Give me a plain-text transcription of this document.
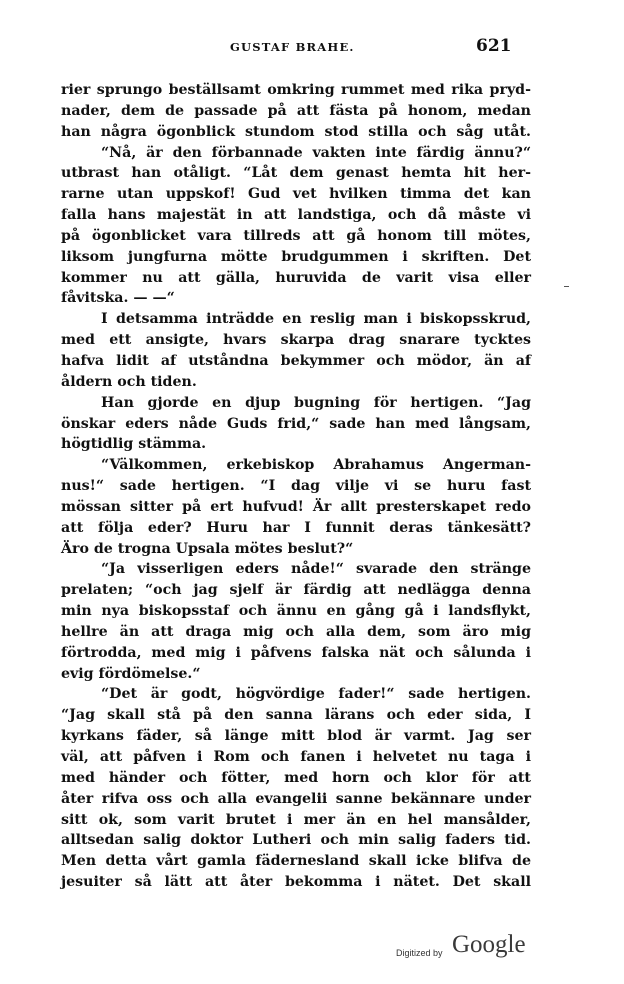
GUSTAF BRAHE.	621
rier sprungo beställsamt omkring rummet med rika pryd-
nader, dem de passade på att fästa på honom, medan
han några ögonblick stundom stod stilla och såg utåt.
“Nå, är den förbannade vakten inte färdig ännu?“
utbrast han otåligt. “Låt dem genast hemta hit her-
rarne utan uppskof! Gud vet hvilken timma det kan
falla hans majestät in att landstiga, och då måste vi
på ögonblicket vara tillreds att gå honom till mötes,
liksom jungfurna mötte brudgummen i skriften. Det
kommer nu att gälla, huruvida de varit visa eller
fåvitska. — —“
I detsamma inträdde en reslig man i biskopsskrud,
med ett ansigte, hvars skarpa drag snarare tycktes
hafva lidit af utståndna bekymmer och mödor, än af
åldern och tiden.
Han gjorde en djup bugning för hertigen. “Jag
önskar eders nåde Guds frid,“ sade han med långsam,
högtidlig stämma.
“Välkommen, erkebiskop Abrahamus Angerman-
nus!“ sade hertigen. “I dag vilje vi se huru fast
mössan sitter på ert hufvud! Är allt presterskapet redo
att följa eder? Huru har I funnit deras tänkesätt?
Äro de trogna Upsala mötes beslut?“
“Ja visserligen eders nåde!“ svarade den stränge
prelaten; “och jag sjelf är färdig att nedlägga denna
min nya biskopsstaf och ännu en gång gå i landsflykt,
hellre än att draga mig och alla dem, som äro mig
förtrodda, med mig i påfvens falska nät och sålunda i
evig fördömelse.“
“Det är godt, högvördige fader!“ sade hertigen.
“Jag skall stå på den sanna lärans och eder sida, I
kyrkans fäder, så länge mitt blod är varmt. Jag ser
väl, att påfven i Rom och fanen i helvetet nu taga i
med händer och fötter, med horn och klor för att
åter rifva oss och alla evangelii sanne bekännare under
sitt ok, som varit brutet i mer än en hel mansålder,
alltsedan salig doktor Lutheri och min salig faders tid.
Men detta vårt gamla fädernesland skall icke blifva de
jesuiter så lätt att åter bekomma i nätet. Det skall
Digitized by Google
